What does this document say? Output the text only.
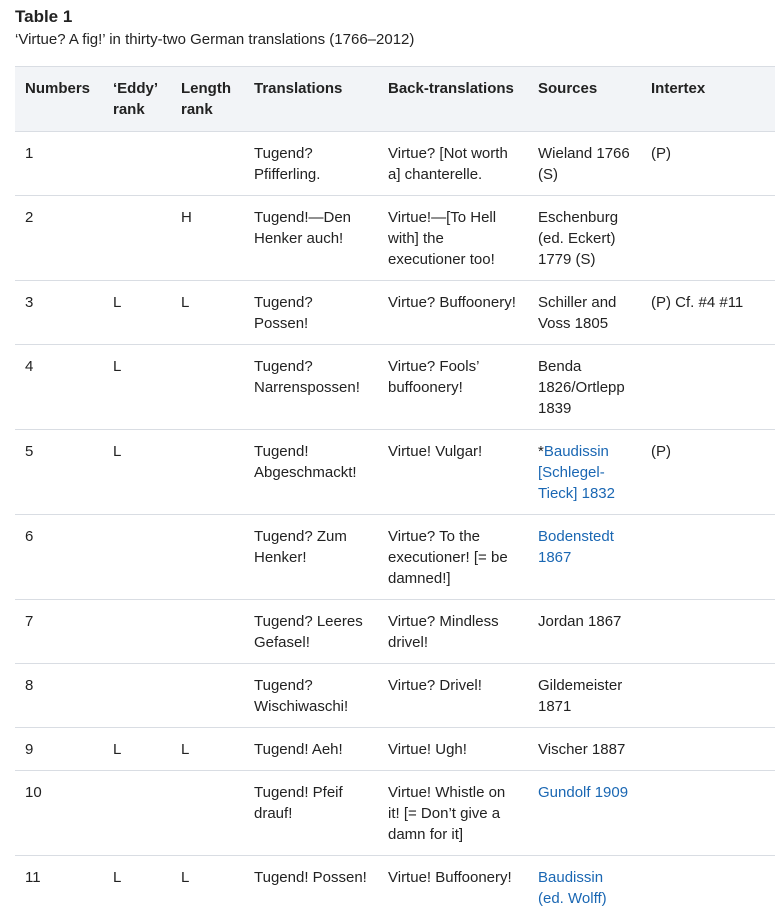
Table 1

‘Virtue? A fig!’ in thirty-two German translations (1766–2012)

Numbers	‘Eddy’ rank	Length rank	Translations	Back-translations	Sources	Intertex
1			Tugend? Pfifferling.	Virtue? [Not worth a] chanterelle.	Wieland 1766 (S)	(P)
2		H	Tugend!—Den Henker auch!	Virtue!—[To Hell with] the executioner too!	Eschenburg (ed. Eckert) 1779 (S)	
3	L	L	Tugend? Possen!	Virtue? Buffoonery!	Schiller and Voss 1805	(P) Cf. #4 #11
4	L		Tugend? Narrenspossen!	Virtue? Fools’ buffoonery!	Benda 1826/Ortlepp 1839	
5	L		Tugend! Abgeschmackt!	Virtue! Vulgar!	*Baudissin [Schlegel-Tieck] 1832	(P)
6			Tugend? Zum Henker!	Virtue? To the executioner! [= be damned!]	Bodenstedt 1867	
7			Tugend? Leeres Gefasel!	Virtue? Mindless drivel!	Jordan 1867	
8			Tugend? Wischiwaschi!	Virtue? Drivel!	Gildemeister 1871	
9	L	L	Tugend! Aeh!	Virtue! Ugh!	Vischer 1887	
10			Tugend! Pfeif drauf!	Virtue! Whistle on it! [= Don’t give a damn for it]	Gundolf 1909	
11	L	L	Tugend! Possen!	Virtue! Buffoonery!	Baudissin (ed. Wolff)	
